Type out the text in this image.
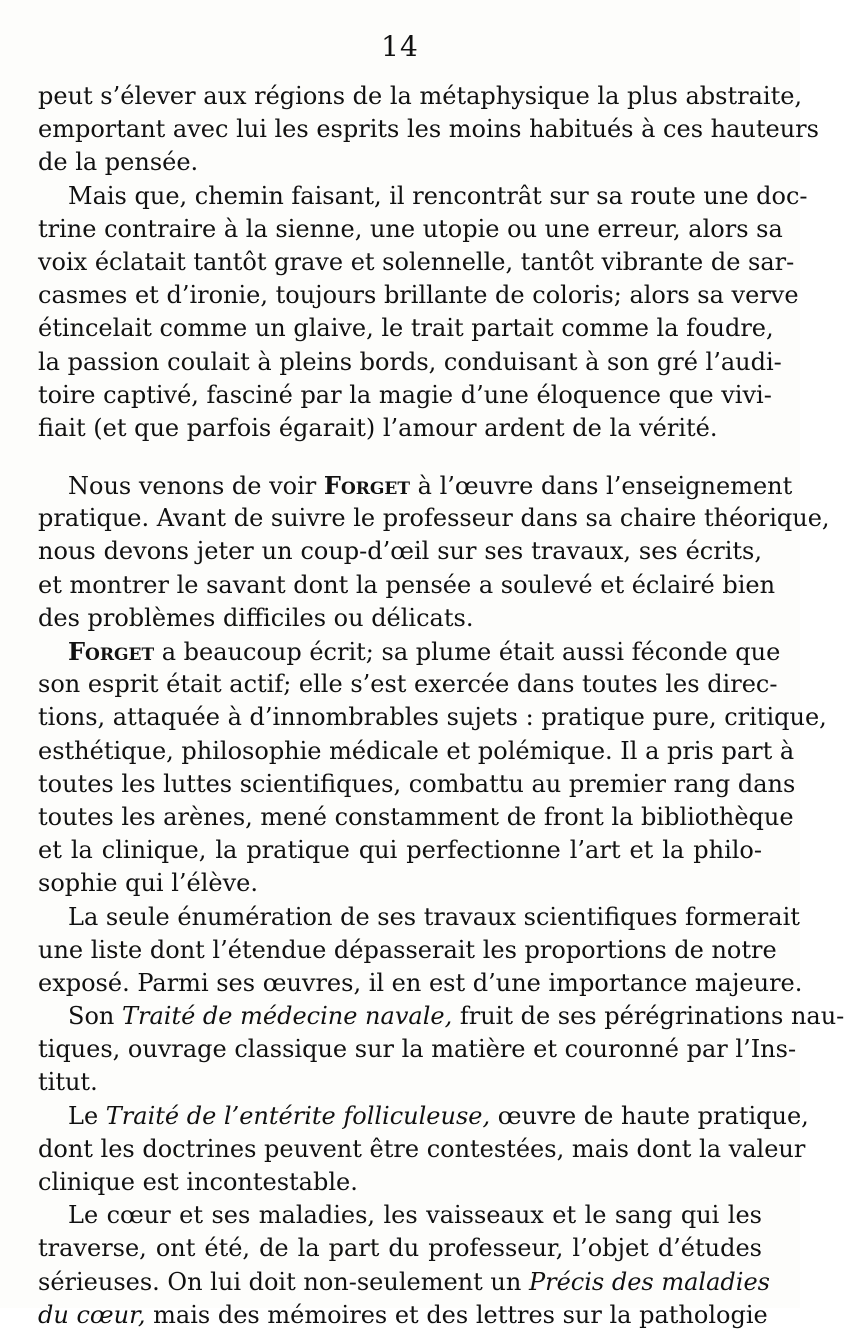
14
peut s’élever aux régions de la métaphysique la plus abstraite,
emportant avec lui les esprits les moins habitués à ces hauteurs
de la pensée.
Mais que, chemin faisant, il rencontrât sur sa route une doc-
trine contraire à la sienne, une utopie ou une erreur, alors sa
voix éclatait tantôt grave et solennelle, tantôt vibrante de sar-
casmes et d’ironie, toujours brillante de coloris; alors sa verve
étincelait comme un glaive, le trait partait comme la foudre,
la passion coulait à pleins bords, conduisant à son gré l’audi-
toire captivé, fasciné par la magie d’une éloquence que vivi-
fiait (et que parfois égarait) l’amour ardent de la vérité.
Nous venons de voir Forget à l’œuvre dans l’enseignement
pratique. Avant de suivre le professeur dans sa chaire théorique,
nous devons jeter un coup-d’œil sur ses travaux, ses écrits,
et montrer le savant dont la pensée a soulevé et éclairé bien
des problèmes difficiles ou délicats.
Forget a beaucoup écrit; sa plume était aussi féconde que
son esprit était actif; elle s’est exercée dans toutes les direc-
tions, attaquée à d’innombrables sujets : pratique pure, critique,
esthétique, philosophie médicale et polémique. Il a pris part à
toutes les luttes scientifiques, combattu au premier rang dans
toutes les arènes, mené constamment de front la bibliothèque
et la clinique, la pratique qui perfectionne l’art et la philo-
sophie qui l’élève.
La seule énumération de ses travaux scientifiques formerait
une liste dont l’étendue dépasserait les proportions de notre
exposé. Parmi ses œuvres, il en est d’une importance majeure.
Son Traité de médecine navale, fruit de ses pérégrinations nau-
tiques, ouvrage classique sur la matière et couronné par l’Ins-
titut.
Le Traité de l’entérite folliculeuse, œuvre de haute pratique,
dont les doctrines peuvent être contestées, mais dont la valeur
clinique est incontestable.
Le cœur et ses maladies, les vaisseaux et le sang qui les
traverse, ont été, de la part du professeur, l’objet d’études
sérieuses. On lui doit non-seulement un Précis des maladies
du cœur, mais des mémoires et des lettres sur la pathologie
